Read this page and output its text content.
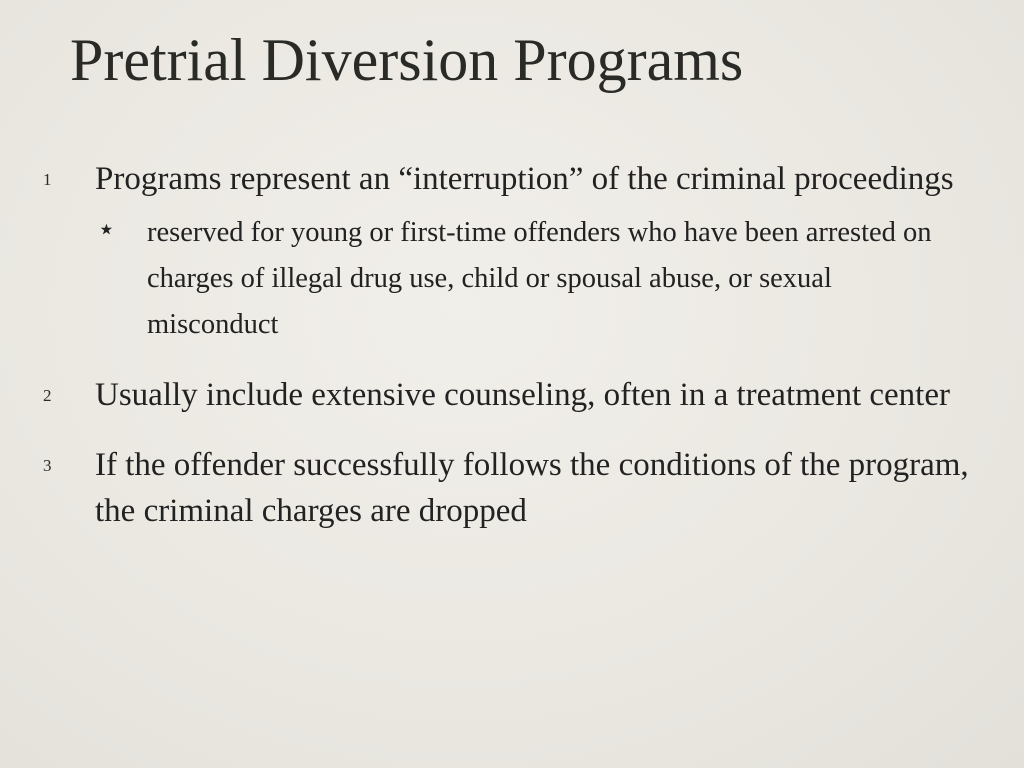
Pretrial Diversion Programs
1 Programs represent an “interruption” of the criminal proceedings
⋆ reserved for young or first-time offenders who have been arrested on charges of illegal drug use, child or spousal abuse, or sexual misconduct
2 Usually include extensive counseling, often in a treatment center
3 If the offender successfully follows the conditions of the program, the criminal charges are dropped
